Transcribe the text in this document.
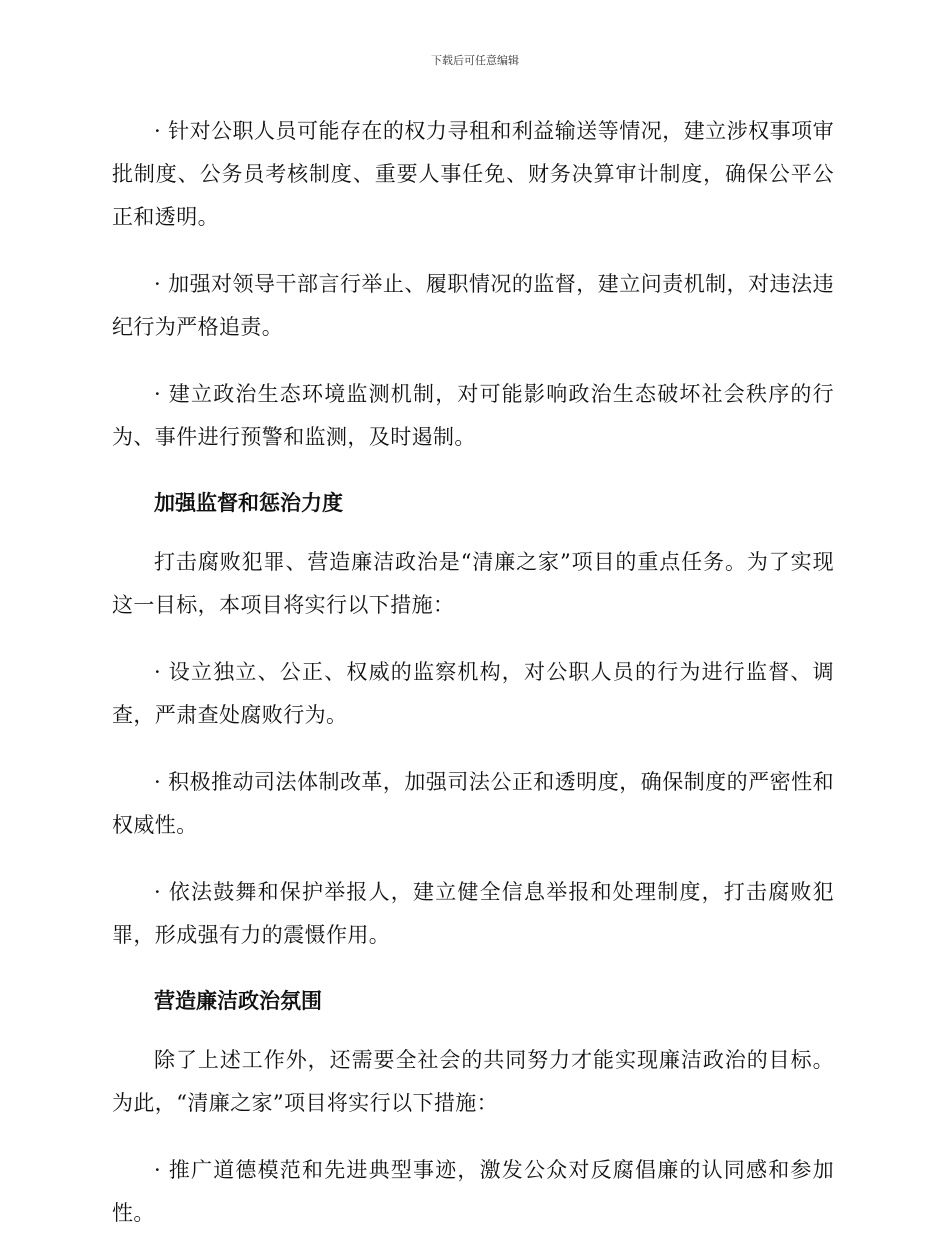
下载后可任意编辑

· 针对公职人员可能存在的权力寻租和利益输送等情况，建立涉权事项审批制度、公务员考核制度、重要人事任免、财务决算审计制度，确保公平公正和透明。

· 加强对领导干部言行举止、履职情况的监督，建立问责机制，对违法违纪行为严格追责。

· 建立政治生态环境监测机制，对可能影响政治生态破坏社会秩序的行为、事件进行预警和监测，及时遏制。

加强监督和惩治力度

打击腐败犯罪、营造廉洁政治是“清廉之家”项目的重点任务。为了实现这一目标，本项目将实行以下措施：

· 设立独立、公正、权威的监察机构，对公职人员的行为进行监督、调查，严肃查处腐败行为。

· 积极推动司法体制改革，加强司法公正和透明度，确保制度的严密性和权威性。

· 依法鼓舞和保护举报人，建立健全信息举报和处理制度，打击腐败犯罪，形成强有力的震慑作用。

营造廉洁政治氛围

除了上述工作外，还需要全社会的共同努力才能实现廉洁政治的目标。为此，“清廉之家”项目将实行以下措施：

· 推广道德模范和先进典型事迹，激发公众对反腐倡廉的认同感和参加性。
